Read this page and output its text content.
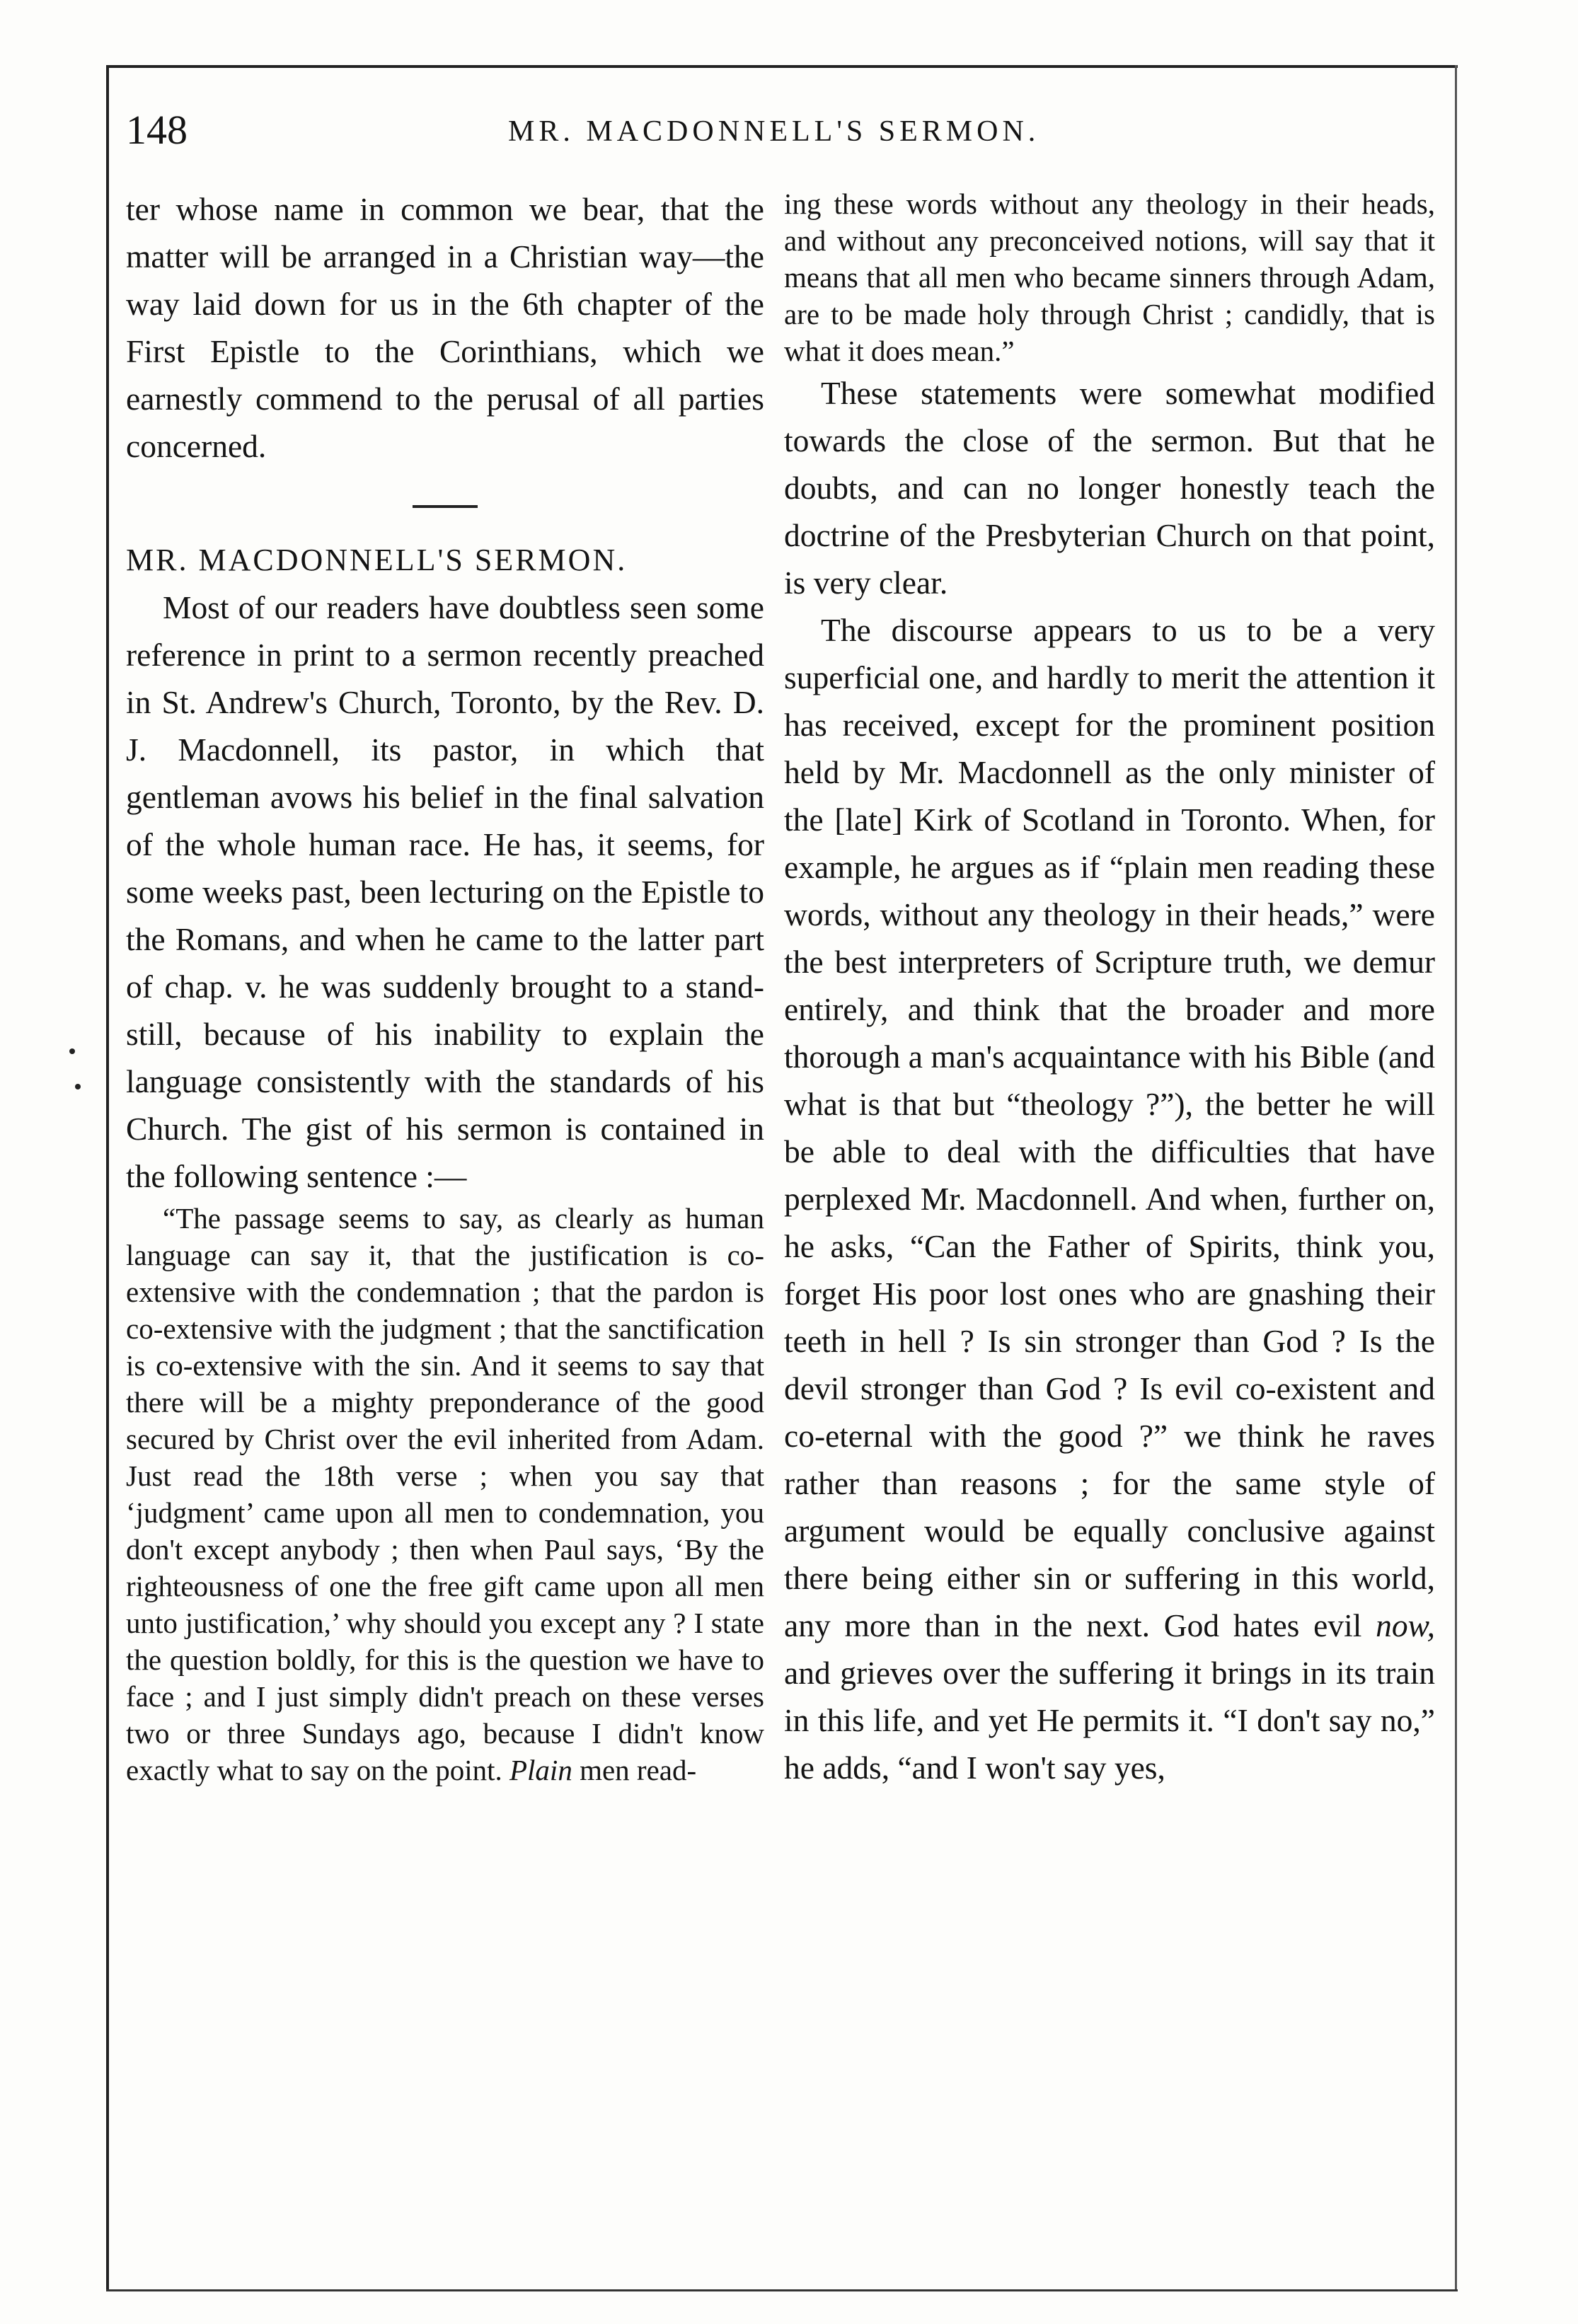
148	MR. MACDONNELL'S SERMON.

ter whose name in common we bear, that the matter will be arranged in a Christian way—the way laid down for us in the 6th chapter of the First Epistle to the Corinthians, which we earnestly commend to the perusal of all parties concerned.

MR. MACDONNELL'S SERMON.

Most of our readers have doubtless seen some reference in print to a sermon recently preached in St. Andrew's Church, Toronto, by the Rev. D. J. Macdonnell, its pastor, in which that gentleman avows his belief in the final salvation of the whole human race. He has, it seems, for some weeks past, been lecturing on the Epistle to the Romans, and when he came to the latter part of chap. v. he was suddenly brought to a stand-still, because of his inability to explain the language consistently with the standards of his Church. The gist of his sermon is contained in the following sentence :—

“The passage seems to say, as clearly as human language can say it, that the justification is co-extensive with the condemnation ; that the pardon is co-extensive with the judgment ; that the sanctification is co-extensive with the sin. And it seems to say that there will be a mighty preponderance of the good secured by Christ over the evil inherited from Adam. Just read the 18th verse ; when you say that ‘judgment’ came upon all men to condemnation, you don't except anybody ; then when Paul says, ‘By the righteousness of one the free gift came upon all men unto justification,’ why should you except any ? I state the question boldly, for this is the question we have to face ; and I just simply didn't preach on these verses two or three Sundays ago, because I didn't know exactly what to say on the point. Plain men read-

ing these words without any theology in their heads, and without any preconceived notions, will say that it means that all men who became sinners through Adam, are to be made holy through Christ ; candidly, that is what it does mean.”

These statements were somewhat modified towards the close of the sermon. But that he doubts, and can no longer honestly teach the doctrine of the Presbyterian Church on that point, is very clear.

The discourse appears to us to be a very superficial one, and hardly to merit the attention it has received, except for the prominent position held by Mr. Macdonnell as the only minister of the [late] Kirk of Scotland in Toronto. When, for example, he argues as if “plain men reading these words, without any theology in their heads,” were the best interpreters of Scripture truth, we demur entirely, and think that the broader and more thorough a man's acquaintance with his Bible (and what is that but “theology ?”), the better he will be able to deal with the difficulties that have perplexed Mr. Macdonnell. And when, further on, he asks, “Can the Father of Spirits, think you, forget His poor lost ones who are gnashing their teeth in hell ? Is sin stronger than God ? Is the devil stronger than God ? Is evil co-existent and co-eternal with the good ?” we think he raves rather than reasons ; for the same style of argument would be equally conclusive against there being either sin or suffering in this world, any more than in the next. God hates evil now, and grieves over the suffering it brings in its train in this life, and yet He permits it. “I don't say no,” he adds, “and I won't say yes,
